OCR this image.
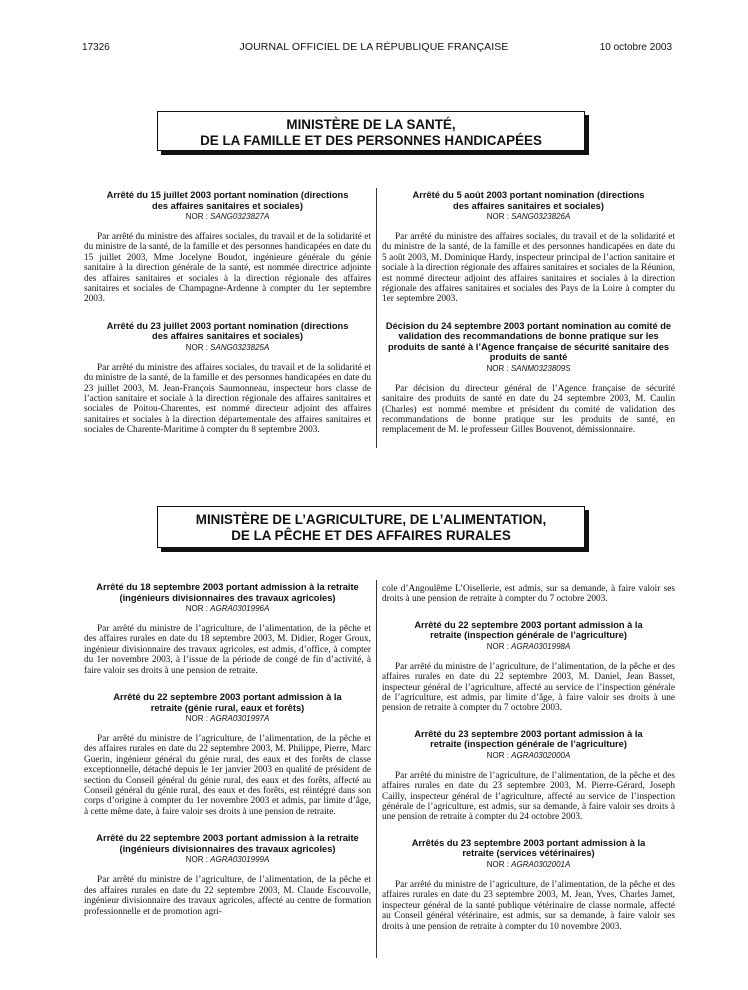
17326	JOURNAL OFFICIEL DE LA RÉPUBLIQUE FRANÇAISE	10 octobre 2003
MINISTÈRE DE LA SANTÉ,
DE LA FAMILLE ET DES PERSONNES HANDICAPÉES
Arrêté du 15 juillet 2003 portant nomination (directions des affaires sanitaires et sociales)
NOR : SANG0323827A
Par arrêté du ministre des affaires sociales, du travail et de la solidarité et du ministre de la santé, de la famille et des personnes handicapées en date du 15 juillet 2003, Mme Jocelyne Boudot, ingénieure générale du génie sanitaire à la direction générale de la santé, est nommée directrice adjointe des affaires sanitaires et sociales à la direction régionale des affaires sanitaires et sociales de Champagne-Ardenne à compter du 1er septembre 2003.
Arrêté du 23 juillet 2003 portant nomination (directions des affaires sanitaires et sociales)
NOR : SANG0323825A
Par arrêté du ministre des affaires sociales, du travail et de la solidarité et du ministre de la santé, de la famille et des personnes handicapées en date du 23 juillet 2003, M. Jean-François Saumonneau, inspecteur hors classe de l’action sanitaire et sociale à la direction régionale des affaires sanitaires et sociales de Poitou-Charentes, est nommé directeur adjoint des affaires sanitaires et sociales à la direction départementale des affaires sanitaires et sociales de Charente-Maritime à compter du 8 septembre 2003.
Arrêté du 5 août 2003 portant nomination (directions des affaires sanitaires et sociales)
NOR : SANG0323826A
Par arrêté du ministre des affaires sociales, du travail et de la solidarité et du ministre de la santé, de la famille et des personnes handicapées en date du 5 août 2003, M. Dominique Hardy, inspecteur principal de l’action sanitaire et sociale à la direction régionale des affaires sanitaires et sociales de la Réunion, est nommé directeur adjoint des affaires sanitaires et sociales à la direction régionale des affaires sanitaires et sociales des Pays de la Loire à compter du 1er septembre 2003.
Décision du 24 septembre 2003 portant nomination au comité de validation des recommandations de bonne pratique sur les produits de santé à l’Agence française de sécurité sanitaire des produits de santé
NOR : SANM0323809S
Par décision du directeur général de l’Agence française de sécurité sanitaire des produits de santé en date du 24 septembre 2003, M. Caulin (Charles) est nommé membre et président du comité de validation des recommandations de bonne pratique sur les produits de santé, en remplacement de M. le professeur Gilles Bouvenot, démissionnaire.
MINISTÈRE DE L’AGRICULTURE, DE L’ALIMENTATION,
DE LA PÊCHE ET DES AFFAIRES RURALES
Arrêté du 18 septembre 2003 portant admission à la retraite (ingénieurs divisionnaires des travaux agricoles)
NOR : AGRA0301996A
Par arrêté du ministre de l’agriculture, de l’alimentation, de la pêche et des affaires rurales en date du 18 septembre 2003, M. Didier, Roger Groux, ingénieur divisionnaire des travaux agricoles, est admis, d’office, à compter du 1er novembre 2003, à l’issue de la période de congé de fin d’activité, à faire valoir ses droits à une pension de retraite.
Arrêté du 22 septembre 2003 portant admission à la retraite (génie rural, eaux et forêts)
NOR : AGRA0301997A
Par arrêté du ministre de l’agriculture, de l’alimentation, de la pêche et des affaires rurales en date du 22 septembre 2003, M. Philippe, Pierre, Marc Guerin, ingénieur général du génie rural, des eaux et des forêts de classe exceptionnelle, détaché depuis le 1er janvier 2003 en qualité de président de section du Conseil général du génie rural, des eaux et des forêts, affecté au Conseil général du génie rural, des eaux et des forêts, est réintégré dans son corps d’origine à compter du 1er novembre 2003 et admis, par limite d’âge, à cette même date, à faire valoir ses droits à une pension de retraite.
Arrêté du 22 septembre 2003 portant admission à la retraite (ingénieurs divisionnaires des travaux agricoles)
NOR : AGRA0301999A
Par arrêté du ministre de l’agriculture, de l’alimentation, de la pêche et des affaires rurales en date du 22 septembre 2003, M. Claude Escouvolle, ingénieur divisionnaire des travaux agricoles, affecté au centre de formation professionnelle et de promotion agri-
cole d’Angoulême L’Oisellerie, est admis, sur sa demande, à faire valoir ses droits à une pension de retraite à compter du 7 octobre 2003.
Arrêté du 22 septembre 2003 portant admission à la retraite (inspection générale de l’agriculture)
NOR : AGRA0301998A
Par arrêté du ministre de l’agriculture, de l’alimentation, de la pêche et des affaires rurales en date du 22 septembre 2003, M. Daniel, Jean Basset, inspecteur général de l’agriculture, affecté au service de l’inspection générale de l’agriculture, est admis, par limite d’âge, à faire valoir ses droits à une pension de retraite à compter du 7 octobre 2003.
Arrêté du 23 septembre 2003 portant admission à la retraite (inspection générale de l’agriculture)
NOR : AGRA0302000A
Par arrêté du ministre de l’agriculture, de l’alimentation, de la pêche et des affaires rurales en date du 23 septembre 2003, M. Pierre-Gérard, Joseph Cailly, inspecteur général de l’agriculture, affecté au service de l’inspection générale de l’agriculture, est admis, sur sa demande, à faire valoir ses droits à une pension de retraite à compter du 24 octobre 2003.
Arrêtés du 23 septembre 2003 portant admission à la retraite (services vétérinaires)
NOR : AGRA0302001A
Par arrêté du ministre de l’agriculture, de l’alimentation, de la pêche et des affaires rurales en date du 23 septembre 2003, M. Jean, Yves, Charles Jamet, inspecteur général de la santé publique vétérinaire de classe normale, affecté au Conseil général vétérinaire, est admis, sur sa demande, à faire valoir ses droits à une pension de retraite à compter du 10 novembre 2003.
